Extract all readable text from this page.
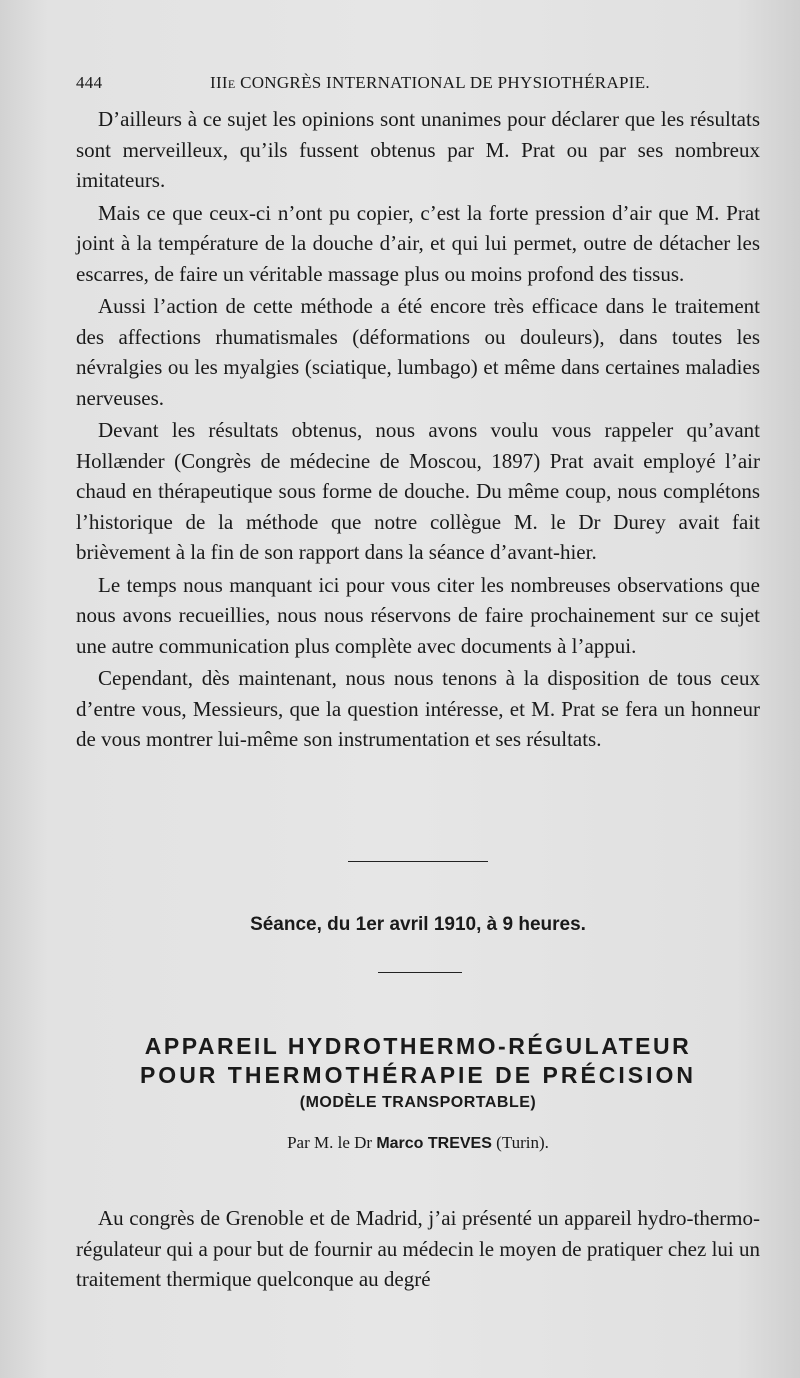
444	IIIe CONGRÈS INTERNATIONAL DE PHYSIOTHÉRAPIE.

D’ailleurs à ce sujet les opinions sont unanimes pour déclarer que les résultats sont merveilleux, qu’ils fussent obtenus par M. Prat ou par ses nombreux imitateurs.

Mais ce que ceux-ci n’ont pu copier, c’est la forte pression d’air que M. Prat joint à la température de la douche d’air, et qui lui permet, outre de détacher les escarres, de faire un véritable massage plus ou moins profond des tissus.

Aussi l’action de cette méthode a été encore très efficace dans le traitement des affections rhumatismales (déformations ou douleurs), dans toutes les névralgies ou les myalgies (sciatique, lumbago) et même dans certaines maladies nerveuses.

Devant les résultats obtenus, nous avons voulu vous rappeler qu’avant Hollænder (Congrès de médecine de Moscou, 1897) Prat avait employé l’air chaud en thérapeutique sous forme de douche. Du même coup, nous complétons l’historique de la méthode que notre collègue M. le Dr Durey avait fait brièvement à la fin de son rapport dans la séance d’avant-hier.

Le temps nous manquant ici pour vous citer les nombreuses observations que nous avons recueillies, nous nous réservons de faire prochainement sur ce sujet une autre communication plus complète avec documents à l’appui.

Cependant, dès maintenant, nous nous tenons à la disposition de tous ceux d’entre vous, Messieurs, que la question intéresse, et M. Prat se fera un honneur de vous montrer lui-même son instrumentation et ses résultats.

Séance, du 1er avril 1910, à 9 heures.
APPAREIL HYDROTHERMO-RÉGULATEUR
POUR THERMOTHÉRAPIE DE PRÉCISION
(MODÈLE TRANSPORTABLE)
Par M. le Dr Marco TREVES (Turin).

Au congrès de Grenoble et de Madrid, j’ai présenté un appareil hydro-thermo-régulateur qui a pour but de fournir au médecin le moyen de pratiquer chez lui un traitement thermique quelconque au degré
